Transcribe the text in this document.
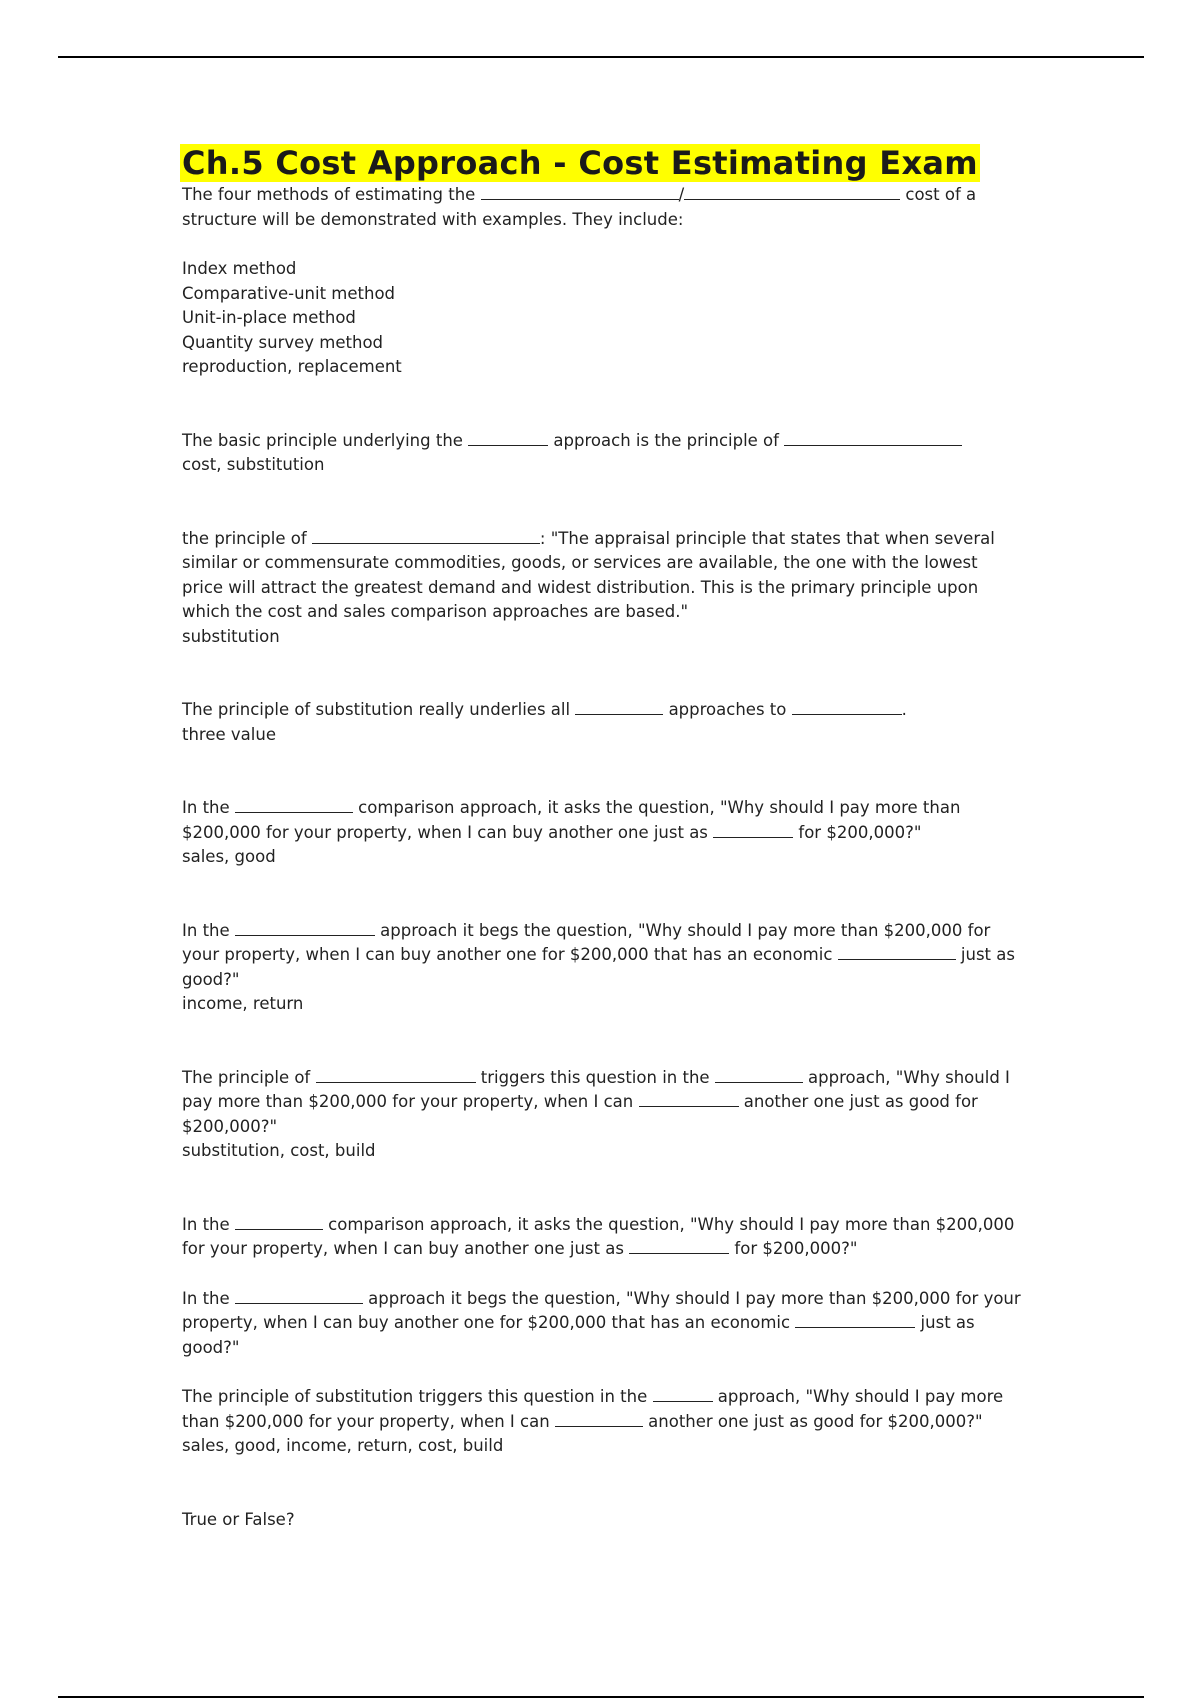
Ch.5 Cost Approach - Cost Estimating Exam

The four methods of estimating the	/	cost of a structure will be demonstrated with examples. They include:

Index method
Comparative-unit method
Unit-in-place method
Quantity survey method

reproduction, replacement

The basic principle underlying the	approach is the principle of

cost, substitution

the principle of	: "The appraisal principle that states that when several similar or commensurate commodities, goods, or services are available, the one with the lowest price will attract the greatest demand and widest distribution. This is the primary principle upon which the cost and sales comparison approaches are based."

substitution

The principle of substitution really underlies all	approaches to	.

three value

In the	comparison approach, it asks the question, "Why should I pay more than $200,000 for your property, when I can buy another one just as	for $200,000?"

sales, good

In the	approach it begs the question, "Why should I pay more than $200,000 for your property, when I can buy another one for $200,000 that has an economic	just as good?"

income, return

The principle of	triggers this question in the	approach, "Why should I pay more than $200,000 for your property, when I can	another one just as good for $200,000?"

substitution, cost, build

In the	comparison approach, it asks the question, "Why should I pay more than $200,000 for your property, when I can buy another one just as	for $200,000?"

In the	approach it begs the question, "Why should I pay more than $200,000 for your property, when I can buy another one for $200,000 that has an economic	just as good?"

The principle of substitution triggers this question in the	approach, "Why should I pay more than $200,000 for your property, when I can	another one just as good for $200,000?"

sales, good, income, return, cost, build

True or False?
